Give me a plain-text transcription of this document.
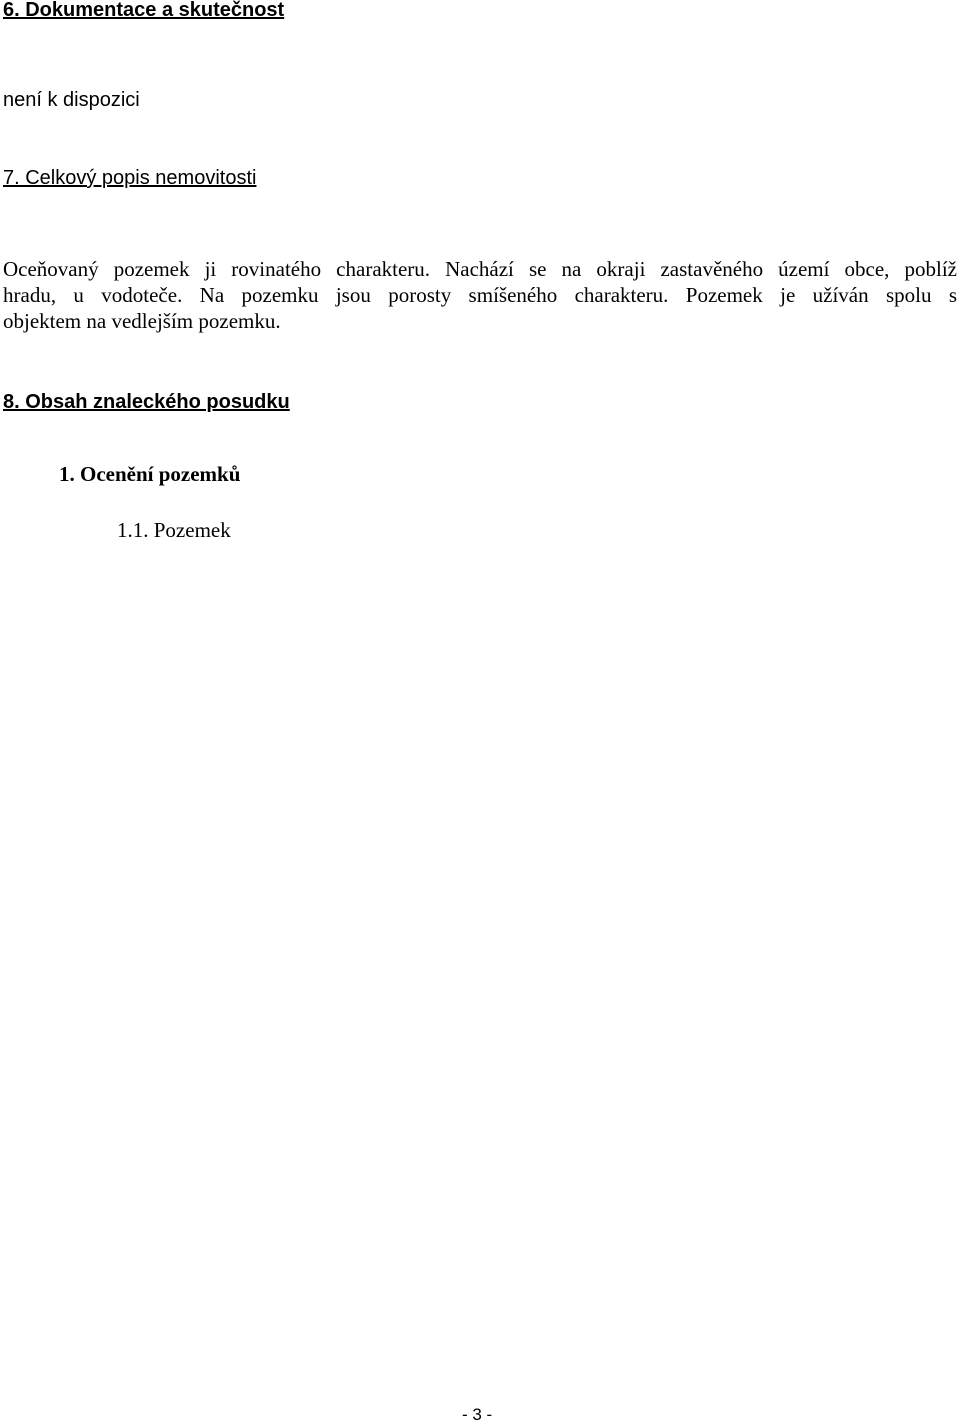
6. Dokumentace a skutečnost
není k dispozici
7. Celkový popis nemovitosti
Oceňovaný pozemek ji rovinatého charakteru. Nachází se na okraji zastavěného území obce, poblíž
hradu, u vodoteče. Na pozemku jsou porosty smíšeného charakteru. Pozemek je užíván spolu s
objektem na vedlejším pozemku.
8. Obsah znaleckého posudku
1. Ocenění pozemků
1.1. Pozemek
- 3 -
